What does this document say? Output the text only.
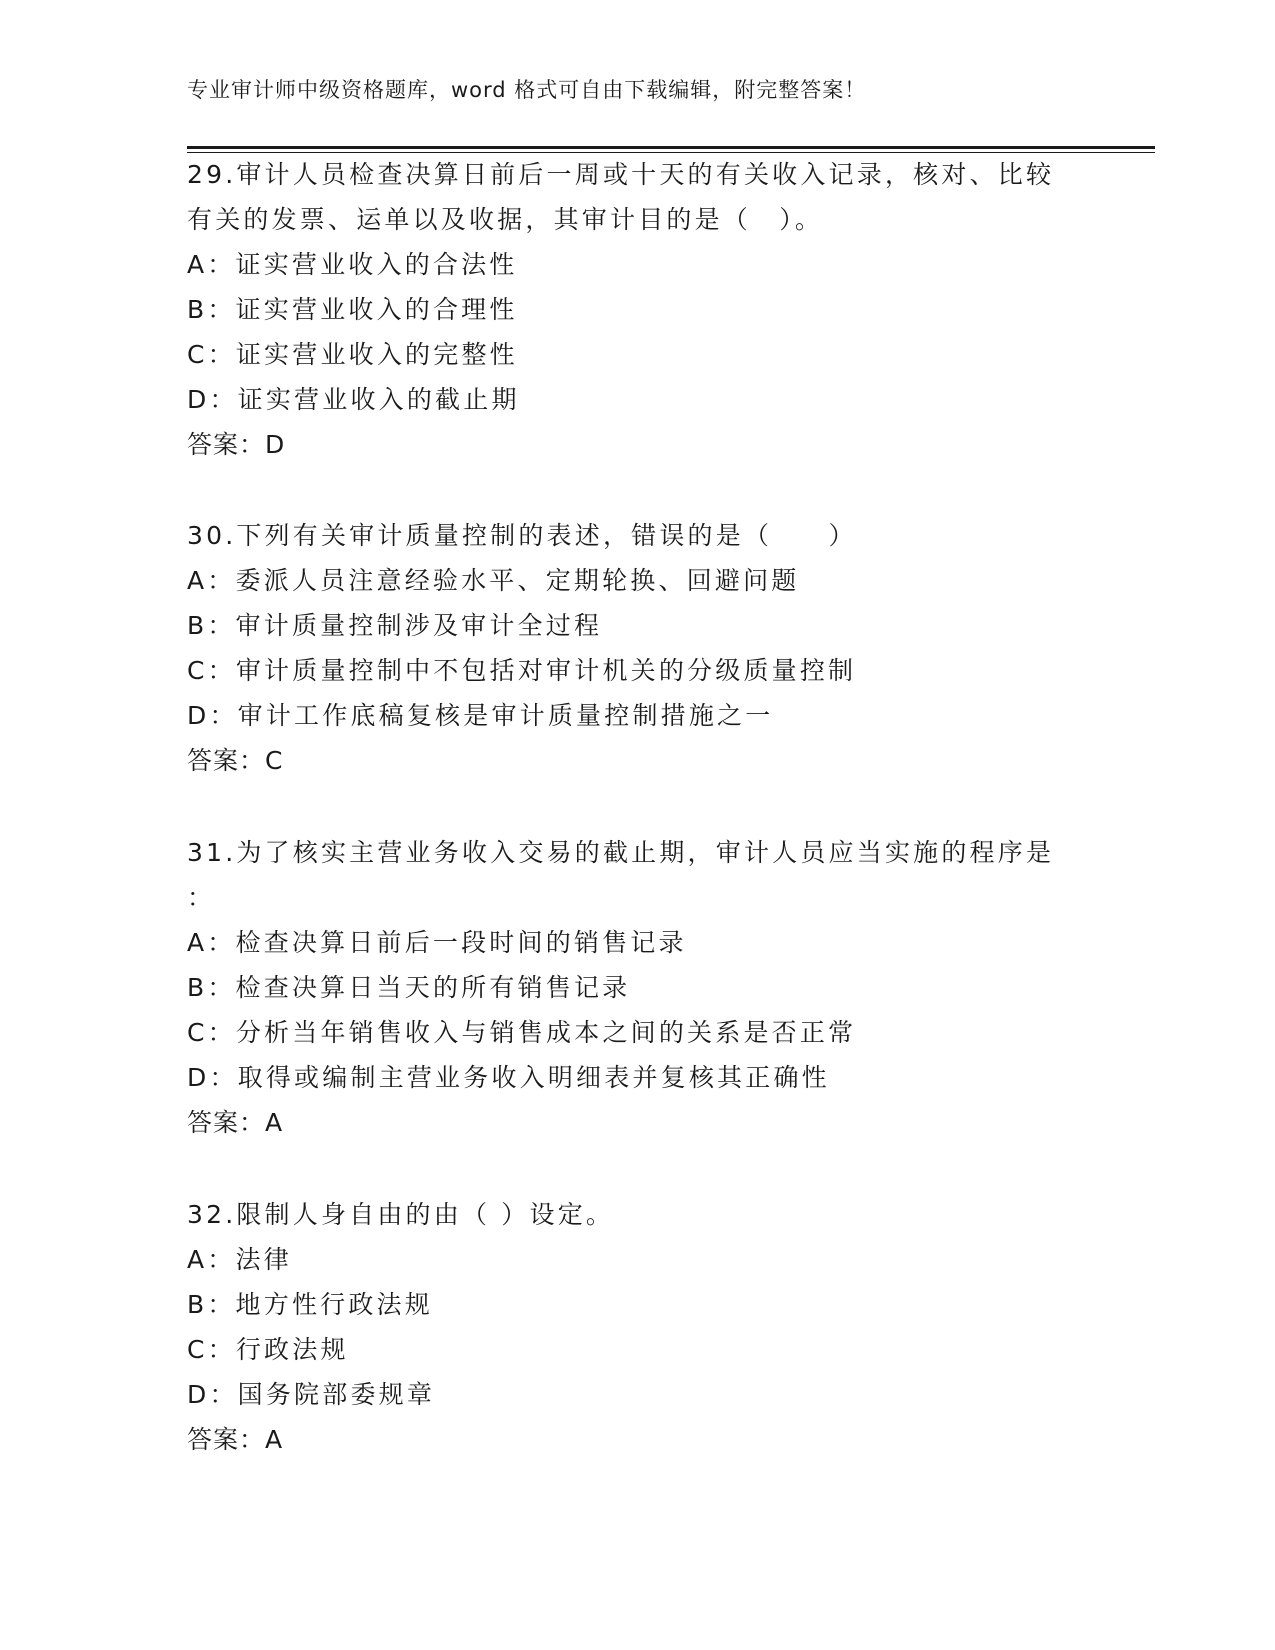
专业审计师中级资格题库，word 格式可自由下载编辑，附完整答案！
29.审计人员检查决算日前后一周或十天的有关收入记录，核对、比较
有关的发票、运单以及收据，其审计目的是（　）。
A：证实营业收入的合法性
B：证实营业收入的合理性
C：证实营业收入的完整性
D：证实营业收入的截止期
答案：D
30.下列有关审计质量控制的表述，错误的是（　　）
A：委派人员注意经验水平、定期轮换、回避问题
B：审计质量控制涉及审计全过程
C：审计质量控制中不包括对审计机关的分级质量控制
D：审计工作底稿复核是审计质量控制措施之一
答案：C
31.为了核实主营业务收入交易的截止期，审计人员应当实施的程序是
：
A：检查决算日前后一段时间的销售记录
B：检查决算日当天的所有销售记录
C：分析当年销售收入与销售成本之间的关系是否正常
D：取得或编制主营业务收入明细表并复核其正确性
答案：A
32.限制人身自由的由（ ）设定。
A：法律
B：地方性行政法规
C：行政法规
D：国务院部委规章
答案：A
